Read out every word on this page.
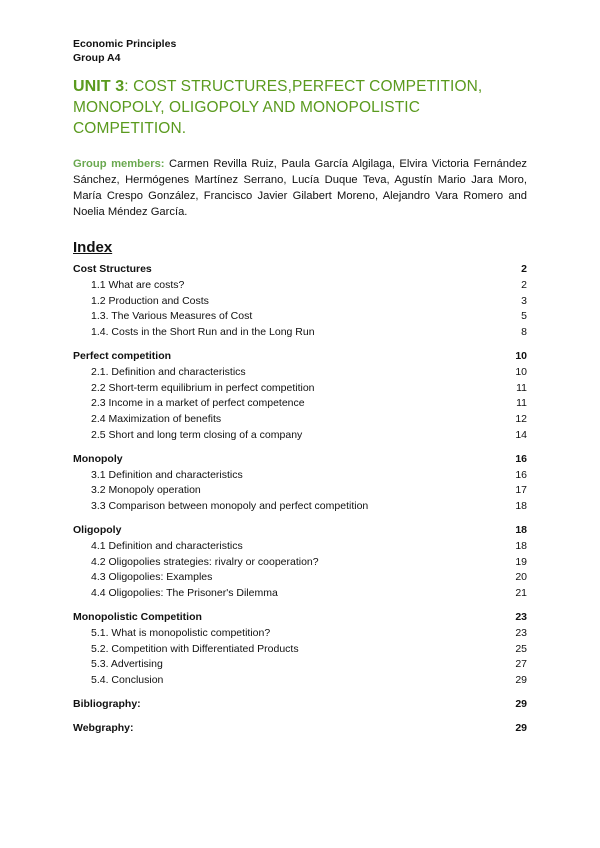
Economic Principles
Group A4
UNIT 3: COST STRUCTURES,PERFECT COMPETITION, MONOPOLY, OLIGOPOLY AND MONOPOLISTIC COMPETITION.
Group members: Carmen Revilla Ruiz, Paula García Algilaga, Elvira Victoria Fernández Sánchez, Hermógenes Martínez Serrano, Lucía Duque Teva, Agustín Mario Jara Moro, María Crespo González, Francisco Javier Gilabert Moreno, Alejandro Vara Romero and Noelia Méndez García.
Index
Cost Structures	2
1.1 What are costs?	2
1.2 Production and Costs	3
1.3. The Various Measures of Cost	5
1.4. Costs in the Short Run and in the Long Run	8
Perfect competition	10
2.1. Definition and characteristics	10
2.2 Short-term equilibrium in perfect competition	11
2.3 Income in a market of perfect competence	11
2.4 Maximization of benefits	12
2.5 Short and long term closing of a company	14
Monopoly	16
3.1 Definition and characteristics	16
3.2 Monopoly operation	17
3.3 Comparison between monopoly and perfect competition	18
Oligopoly	18
4.1 Definition and characteristics	18
4.2 Oligopolies strategies: rivalry or cooperation?	19
4.3 Oligopolies: Examples	20
4.4 Oligopolies: The Prisoner's Dilemma	21
Monopolistic Competition	23
5.1. What is monopolistic competition?	23
5.2. Competition with Differentiated Products	25
5.3. Advertising	27
5.4. Conclusion	29
Bibliography:	29
Webgraphy:	29
